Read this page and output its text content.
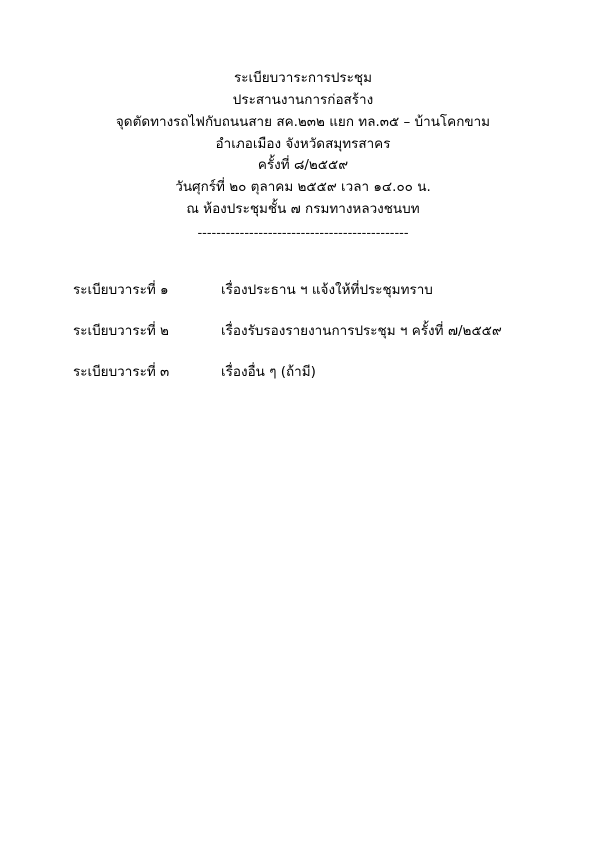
ระเบียบวาระการประชุม
ประสานงานการก่อสร้าง
จุดตัดทางรถไฟกับถนนสาย สค.๒๓๒ แยก ทล.๓๕ – บ้านโคกขาม
อำเภอเมือง จังหวัดสมุทรสาคร
ครั้งที่ ๘/๒๕๕๙
วันศุกร์ที่ ๒๐ ตุลาคม ๒๕๕๙ เวลา ๑๔.๐๐ น.
ณ ห้องประชุมชั้น ๗ กรมทางหลวงชนบท
---------------------------------------------
ระเบียบวาระที่ ๑	เรื่องประธาน ฯ แจ้งให้ที่ประชุมทราบ
ระเบียบวาระที่ ๒	เรื่องรับรองรายงานการประชุม ฯ ครั้งที่ ๗/๒๕๕๙
ระเบียบวาระที่ ๓	เรื่องอื่น ๆ (ถ้ามี)
